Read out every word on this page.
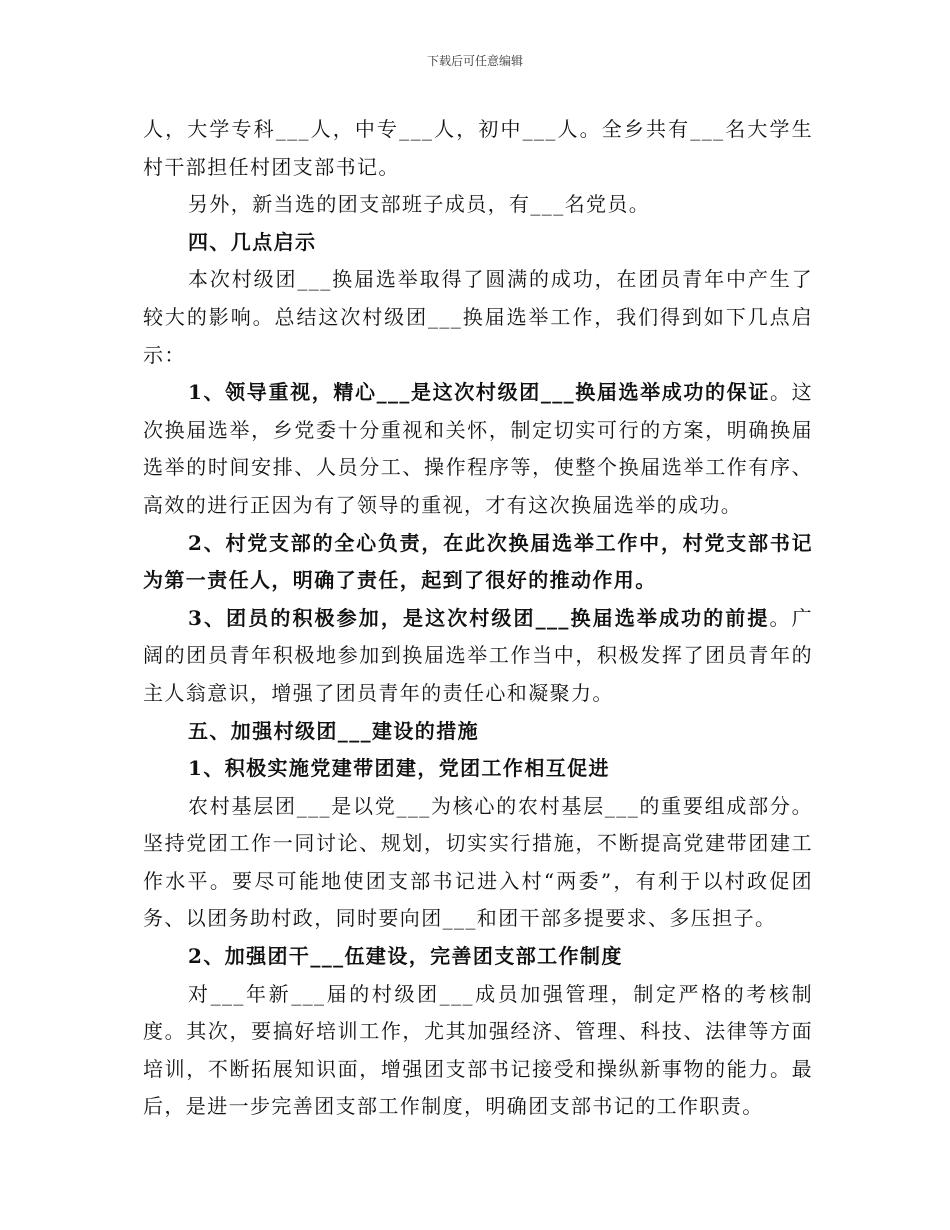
下载后可任意编辑

人，大学专科___人，中专___人，初中___人。全乡共有___名大学生村干部担任村团支部书记。

另外，新当选的团支部班子成员，有___名党员。

四、几点启示

本次村级团___换届选举取得了圆满的成功，在团员青年中产生了较大的影响。总结这次村级团___换届选举工作，我们得到如下几点启示：

1、领导重视，精心___是这次村级团___换届选举成功的保证。这次换届选举，乡党委十分重视和关怀，制定切实可行的方案，明确换届选举的时间安排、人员分工、操作程序等，使整个换届选举工作有序、高效的进行正因为有了领导的重视，才有这次换届选举的成功。

2、村党支部的全心负责，在此次换届选举工作中，村党支部书记为第一责任人，明确了责任，起到了很好的推动作用。

3、团员的积极参加，是这次村级团___换届选举成功的前提。广阔的团员青年积极地参加到换届选举工作当中，积极发挥了团员青年的主人翁意识，增强了团员青年的责任心和凝聚力。

五、加强村级团___建设的措施

1、积极实施党建带团建，党团工作相互促进

农村基层团___是以党___为核心的农村基层___的重要组成部分。坚持党团工作一同讨论、规划，切实实行措施，不断提高党建带团建工作水平。要尽可能地使团支部书记进入村“两委”，有利于以村政促团务、以团务助村政，同时要向团___和团干部多提要求、多压担子。

2、加强团干___伍建设，完善团支部工作制度

对___年新___届的村级团___成员加强管理，制定严格的考核制度。其次，要搞好培训工作，尤其加强经济、管理、科技、法律等方面培训，不断拓展知识面，增强团支部书记接受和操纵新事物的能力。最后，是进一步完善团支部工作制度，明确团支部书记的工作职责。
